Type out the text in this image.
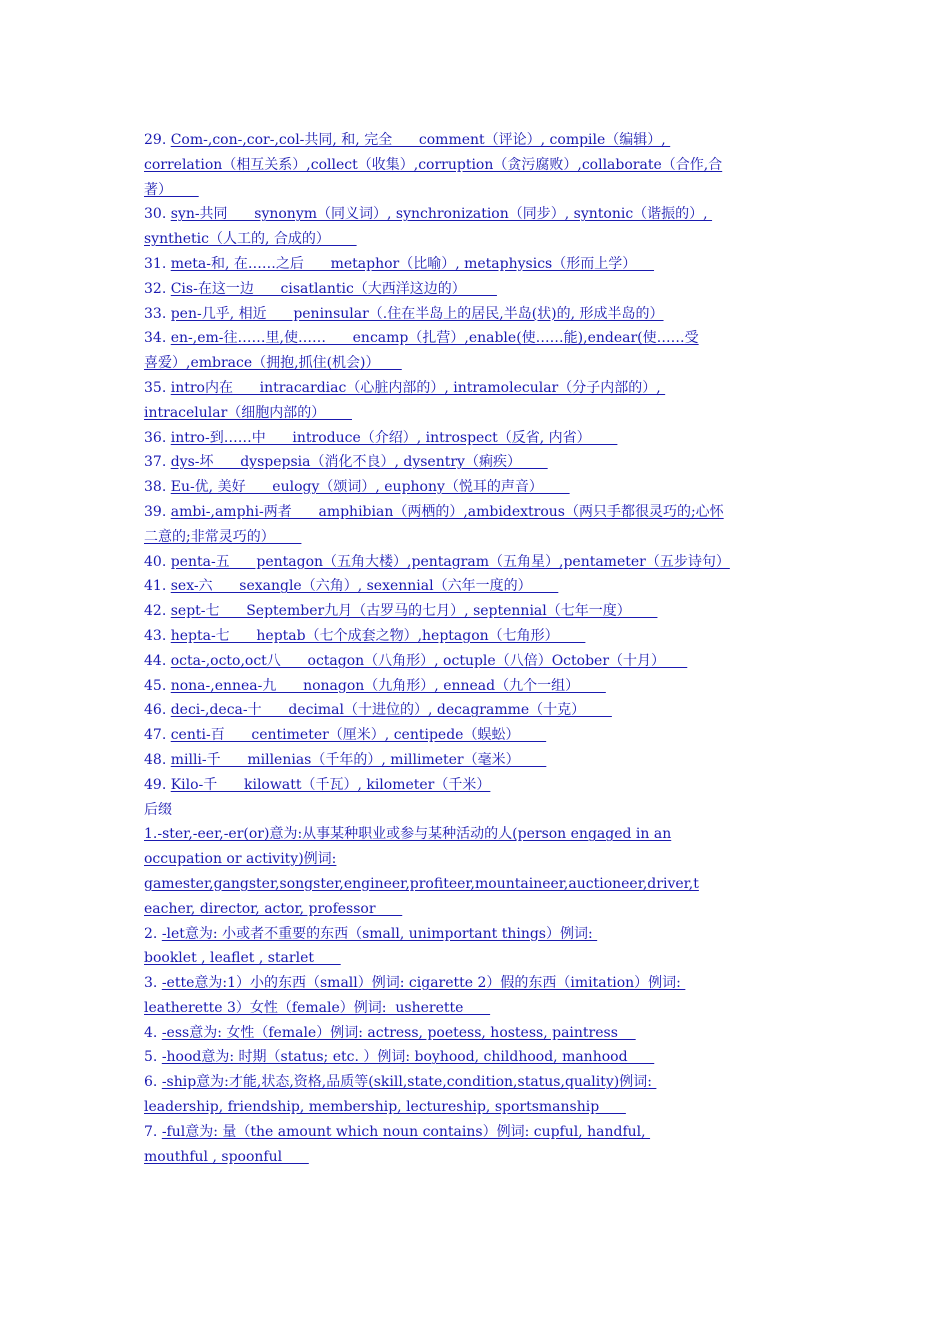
29. Com-,con-,cor-,col-共同, 和, 完全      comment（评论）, compile（编辑）,
correlation（相互关系）,collect（收集）,corruption（贪污腐败）,collaborate（合作,合
著）
30. syn-共同      synonym（同义词）, synchronization（同步）, syntonic（谐振的）,
synthetic（人工的, 合成的）
31. meta-和, 在……之后      metaphor（比喻）, metaphysics（形而上学）
32. Cis-在这一边      cisatlantic（大西洋这边的）
33. pen-几乎, 相近      peninsular（.住在半岛上的居民,半岛(状)的, 形成半岛的）
34. en-,em-往……里,使……      encamp（扎营）,enable(使……能),endear(使……受
喜爱）,embrace（拥抱,抓住(机会)）
35. intro内在      intracardiac（心脏内部的）, intramolecular（分子内部的）,
intracelular（细胞内部的）
36. intro-到……中      introduce（介绍）, introspect（反省, 内省）
37. dys-坏      dyspepsia（消化不良）, dysentry（痢疾）
38. Eu-优, 美好      eulogy（颂词）, euphony（悦耳的声音）
39. ambi-,amphi-两者      amphibian（两栖的）,ambidextrous（两只手都很灵巧的;心怀
二意的;非常灵巧的）
40. penta-五      pentagon（五角大楼）,pentagram（五角星）,pentameter（五步诗句）
41. sex-六      sexangle（六角）, sexennial（六年一度的）
42. sept-七      September九月（古罗马的七月）, septennial（七年一度）
43. hepta-七      heptab（七个成套之物）,heptagon（七角形）
44. octa-,octo,oct八      octagon（八角形）, octuple（八倍）October（十月）
45. nona-,ennea-九      nonagon（九角形）, ennead（九个一组）
46. deci-,deca-十      decimal（十进位的）, decagramme（十克）
47. centi-百      centimeter（厘米）, centipede（蜈蚣）
48. milli-千      millenias（千年的）, millimeter（毫米）
49. Kilo-千      kilowatt（千瓦）, kilometer（千米）
后缀
1.-ster,-eer,-er(or)意为:从事某种职业或参与某种活动的人(person engaged in an
occupation or activity)例词:
gamester,gangster,songster,engineer,profiteer,mountaineer,auctioneer,driver,t
eacher, director, actor, professor
2. -let意为: 小或者不重要的东西（small, unimportant things）例词:
booklet , leaflet , starlet
3. -ette意为:1）小的东西（small）例词: cigarette 2）假的东西（imitation）例词:
leatherette 3）女性（female）例词:  usherette
4. -ess意为: 女性（female）例词: actress, poetess, hostess, paintress
5. -hood意为: 时期（status; etc. ）例词: boyhood, childhood, manhood
6. -ship意为:才能,状态,资格,品质等(skill,state,condition,status,quality)例词:
leadership, friendship, membership, lectureship, sportsmanship
7. -ful意为: 量（the amount which noun contains）例词: cupful, handful,
mouthful , spoonful
